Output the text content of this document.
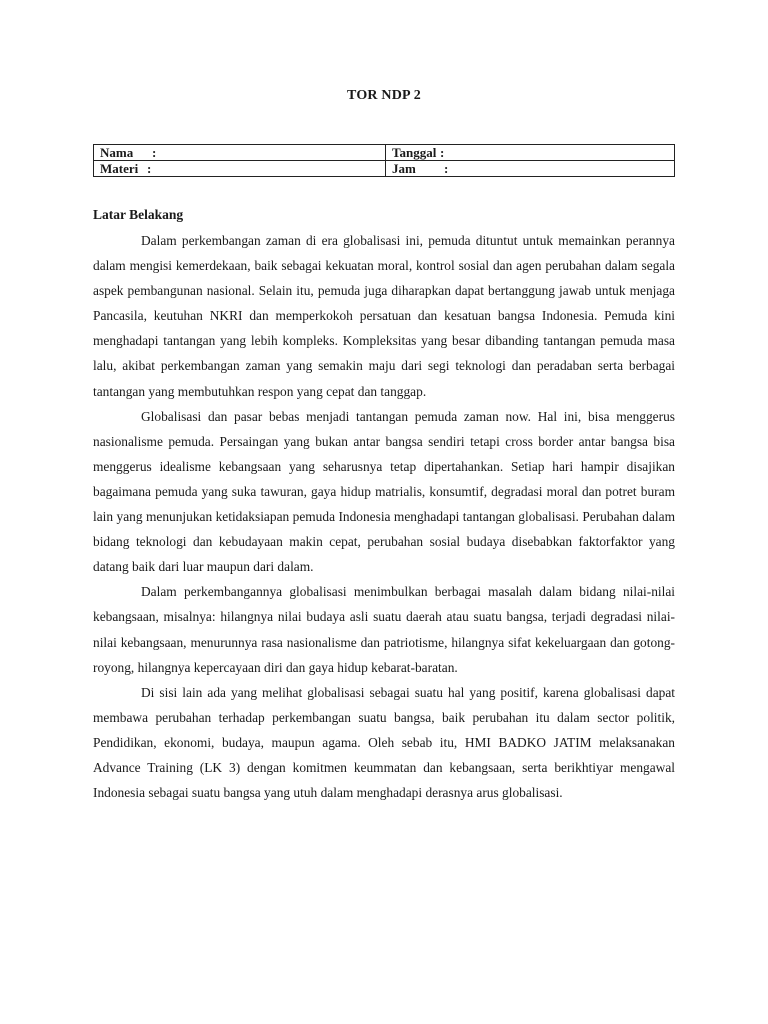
TOR NDP 2
Nama :	Tanggal :
Materi :	Jam :
Latar Belakang

Dalam perkembangan zaman di era globalisasi ini, pemuda dituntut untuk memainkan perannya dalam mengisi kemerdekaan, baik sebagai kekuatan moral, kontrol sosial dan agen perubahan dalam segala aspek pembangunan nasional. Selain itu, pemuda juga diharapkan dapat bertanggung jawab untuk menjaga Pancasila, keutuhan NKRI dan memperkokoh persatuan dan kesatuan bangsa Indonesia. Pemuda kini menghadapi tantangan yang lebih kompleks. Kompleksitas yang besar dibanding tantangan pemuda masa lalu, akibat perkembangan zaman yang semakin maju dari segi teknologi dan peradaban serta berbagai tantangan yang membutuhkan respon yang cepat dan tanggap.

Globalisasi dan pasar bebas menjadi tantangan pemuda zaman now. Hal ini, bisa menggerus nasionalisme pemuda. Persaingan yang bukan antar bangsa sendiri tetapi cross border antar bangsa bisa menggerus idealisme kebangsaan yang seharusnya tetap dipertahankan. Setiap hari hampir disajikan bagaimana pemuda yang suka tawuran, gaya hidup matrialis, konsumtif, degradasi moral dan potret buram lain yang menunjukan ketidaksiapan pemuda Indonesia menghadapi tantangan globalisasi. Perubahan dalam bidang teknologi dan kebudayaan makin cepat, perubahan sosial budaya disebabkan faktorfaktor yang datang baik dari luar maupun dari dalam.

Dalam perkembangannya globalisasi menimbulkan berbagai masalah dalam bidang nilai-nilai kebangsaan, misalnya: hilangnya nilai budaya asli suatu daerah atau suatu bangsa, terjadi degradasi nilai-nilai kebangsaan, menurunnya rasa nasionalisme dan patriotisme, hilangnya sifat kekeluargaan dan gotong-royong, hilangnya kepercayaan diri dan gaya hidup kebarat-baratan.

Di sisi lain ada yang melihat globalisasi sebagai suatu hal yang positif, karena globalisasi dapat membawa perubahan terhadap perkembangan suatu bangsa, baik perubahan itu dalam sector politik, Pendidikan, ekonomi, budaya, maupun agama. Oleh sebab itu, HMI BADKO JATIM melaksanakan Advance Training (LK 3) dengan komitmen keummatan dan kebangsaan, serta berikhtiyar mengawal Indonesia sebagai suatu bangsa yang utuh dalam menghadapi derasnya arus globalisasi.
